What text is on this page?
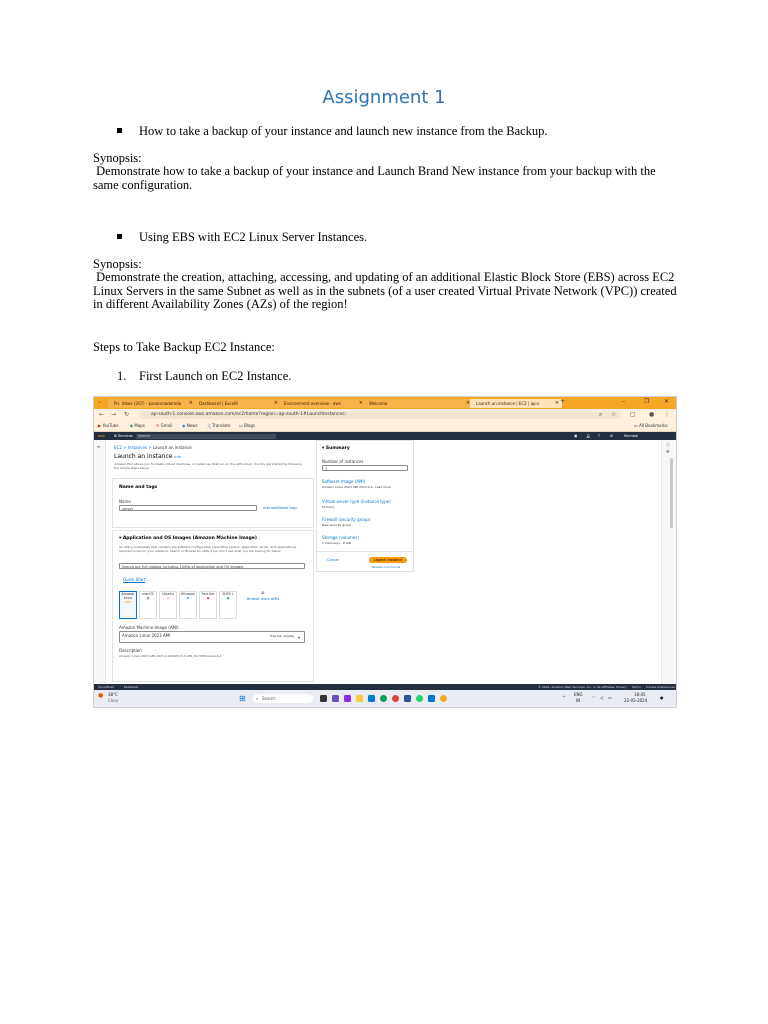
Assignment 1
How to take a backup of your instance and launch new instance from the Backup.

Synopsis:

Demonstrate how to take a backup of your instance and Launch Brand New instance from your backup with the same configuration.

Using EBS with EC2 Linux Server Instances.

Synopsis:

Demonstrate the creation, attaching, accessing, and updating of an additional Elastic Block Store (EBS) across EC2 Linux Servers in the same Subnet as well as in the subnets (of a user created Virtual Private Network (VPC)) created in different Availability Zones (AZs) of the region!

Steps to Take Backup EC2 Instance:
1. First Launch on EC2 Instance.
⌄	Pri. Inbox (207) - pavanmademdu ×	Dashboard | ExcelR	×	Environment overview - aws	×	Welcome	×	Launch an instance | EC2 | ap-s	× +	–	❐ ✕
← → ↻	ap-south-1.console.aws.amazon.com/ec2/home?region=ap-south-1#LaunchInstances:	⌕ ☆ ▢ ● ⋮
▶ YouTube	◆ Maps	✉ Gmail ◉ News 文 Translate ▭ Blogs	▭ All Bookmarks
aws	⊞ Services Search	▣ 🔔︎ ?	⚙	Mumbai
≡	EC2 > Instances > Launch an instance
Launch an instance Info
Amazon EC2 allows you to create virtual machines, or instances, that run on the AWS Cloud. Quickly get started by following the simple steps below.
Name and tags
Name
server	Add additional tags
▾ Application and OS Images (Amazon Machine Image)
An AMI is a template that contains the software configuration (operating system, application server, and applications) required to launch your instance. Search or Browse for AMIs if you don't see what you are looking for below
Search our full catalog including 1000s of application and OS images
Quick Start
Amazon Linux
aws
macOS
◍
Ubuntu
◎
Windows
⊞
Red Hat
◆
SUSE L
●
⌕
Browse more AMIs
Amazon Machine Image (AMI)
Amazon Linux 2023 AMI	Free tier eligible ▾
Description
Amazon Linux 2023 AMI 2023.4.20240513.0 x86_64 HVM kernel-6.1
▾ Summary
Number of instances
1
Software Image (AMI)
Amazon Linux 2023 AMI 2023.4.2...read more
Virtual server type (instance type)
t2.micro
Firewall (security group)
New security group
Storage (volumes)
1 volume(s) - 8 GiB
Cancel	Launch instance
Review commands
ⓘ
⚙
CloudShell	Feedback	© 2024, Amazon Web Services, Inc. or its affiliates. Privacy Terms Cookie preferences
● 38°C
Clear	⊞	⌕ Search	^
ENG
IN
◠ ◁ ▭
18:05
22-05-2024
●
